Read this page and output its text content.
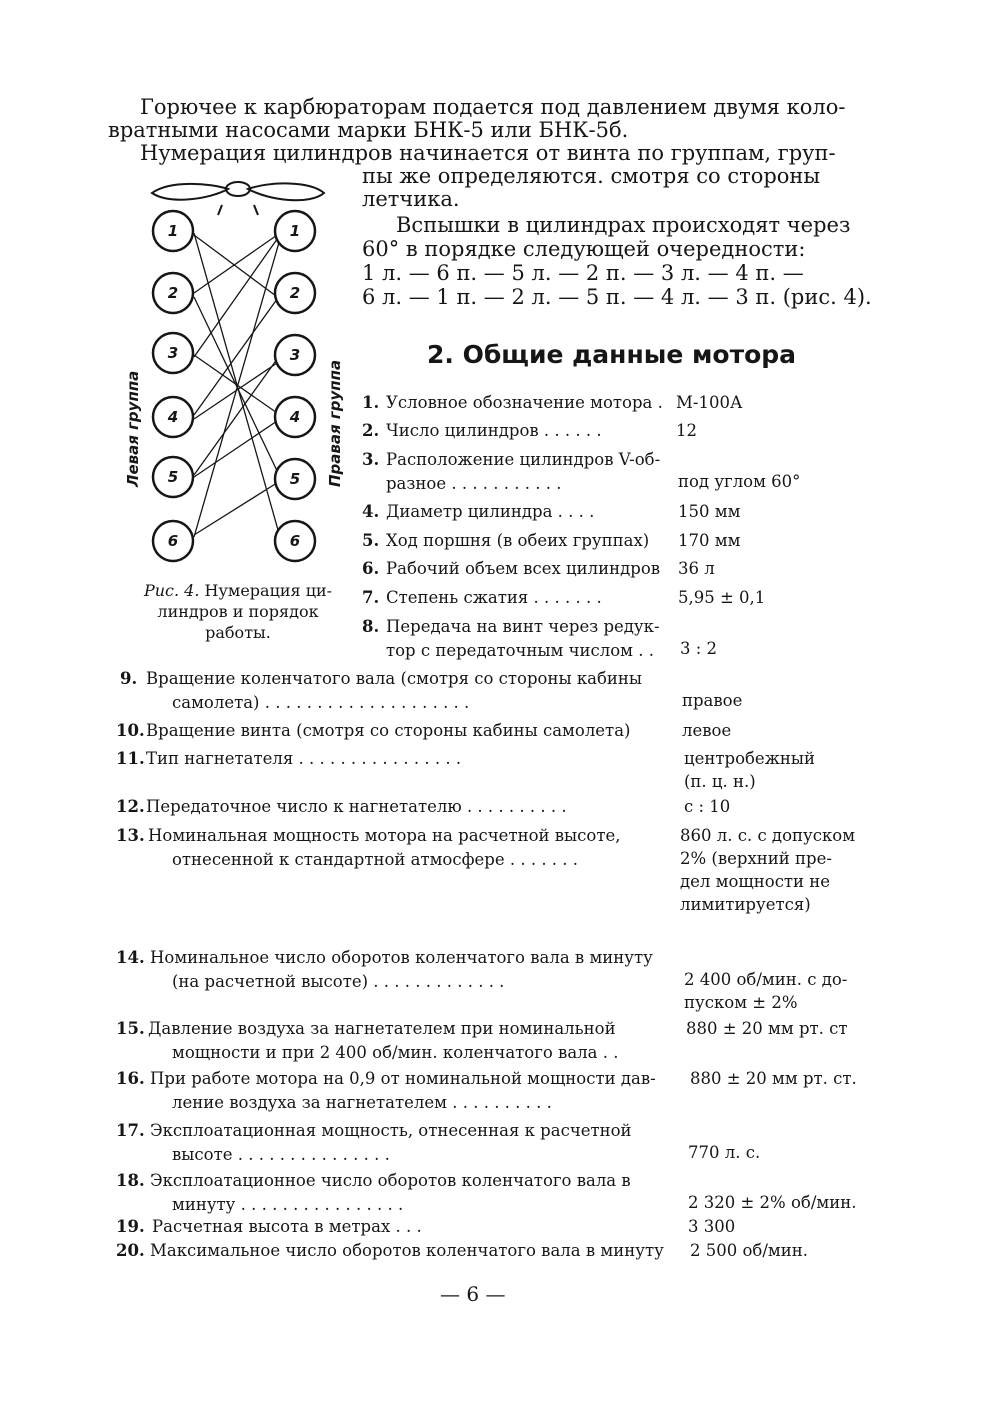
Горючее к карбюраторам подается под давлением двумя коло-
вратными насосами марки БНК-5 или БНК-5б.
Нумерация цилиндров начинается от винта по группам, груп-
пы же определяются. смотря со стороны
летчика.
Вспышки в цилиндрах происходят через
60° в порядке следующей очередности:
1 л. — 6 п. — 5 л. — 2 п. — 3 л. — 4 п. —
6 л. — 1 п. — 2 л. — 5 п. — 4 л. — 3 п. (рис. 4).
1
2
3
4
5
6
1
2
3
4
5
6
Левая группа	Правая группа
Рис. 4. Нумерация ци-
линдров и порядок
работы.
2. Общие данные мотора
1. Условное обозначение мотора . М-100А
2. Число цилиндров . . . . . .	12
3. Расположение цилиндров V-об-
разное . . . . . . . . . . .	под углом 60°
4. Диаметр цилиндра . . . .	150 мм
5. Ход поршня (в обеих группах) 170 мм
6. Рабочий объем всех цилиндров 36 л
7. Степень сжатия . . . . . . .	5,95 ± 0,1
8. Передача на винт через редук-
тор с передаточным числом . . 3 : 2
9. Вращение коленчатого вала (смотря со стороны кабины
самолета) . . . . . . . . . . . . . . . . . . . .	правое
10. Вращение винта (смотря со стороны кабины самолета)	левое
11. Тип нагнетателя . . . . . . . . . . . . . . . .	центробежный
(п. ц. н.)
12. Передаточное число к нагнетателю . . . . . . . . . .	с : 10
13. Номинальная мощность мотора на расчетной высоте,
отнесенной к стандартной атмосфере . . . . . . .
860 л. с. с допуском
2% (верхний пре-
дел мощности не
лимитируется)
14. Номинальное число оборотов коленчатого вала в минуту
(на расчетной высоте) . . . . . . . . . . . . .	2 400 об/мин. с до-
пуском ± 2%
15. Давление воздуха за нагнетателем при номинальной
мощности и при 2 400 об/мин. коленчатого вала . .
880 ± 20 мм рт. ст
16. При работе мотора на 0,9 от номинальной мощности дав-
ление воздуха за нагнетателем . . . . . . . . . .
880 ± 20 мм рт. ст.
17. Эксплоатационная мощность, отнесенная к расчетной
высоте . . . . . . . . . . . . . . .	770 л. с.
18. Эксплоатационное число оборотов коленчатого вала в
минуту . . . . . . . . . . . . . . . .	2 320 ± 2% об/мин.
19. Расчетная высота в метрах . . .	3 300
20. Максимальное число оборотов коленчатого вала в минуту 2 500 об/мин.
— 6 —
